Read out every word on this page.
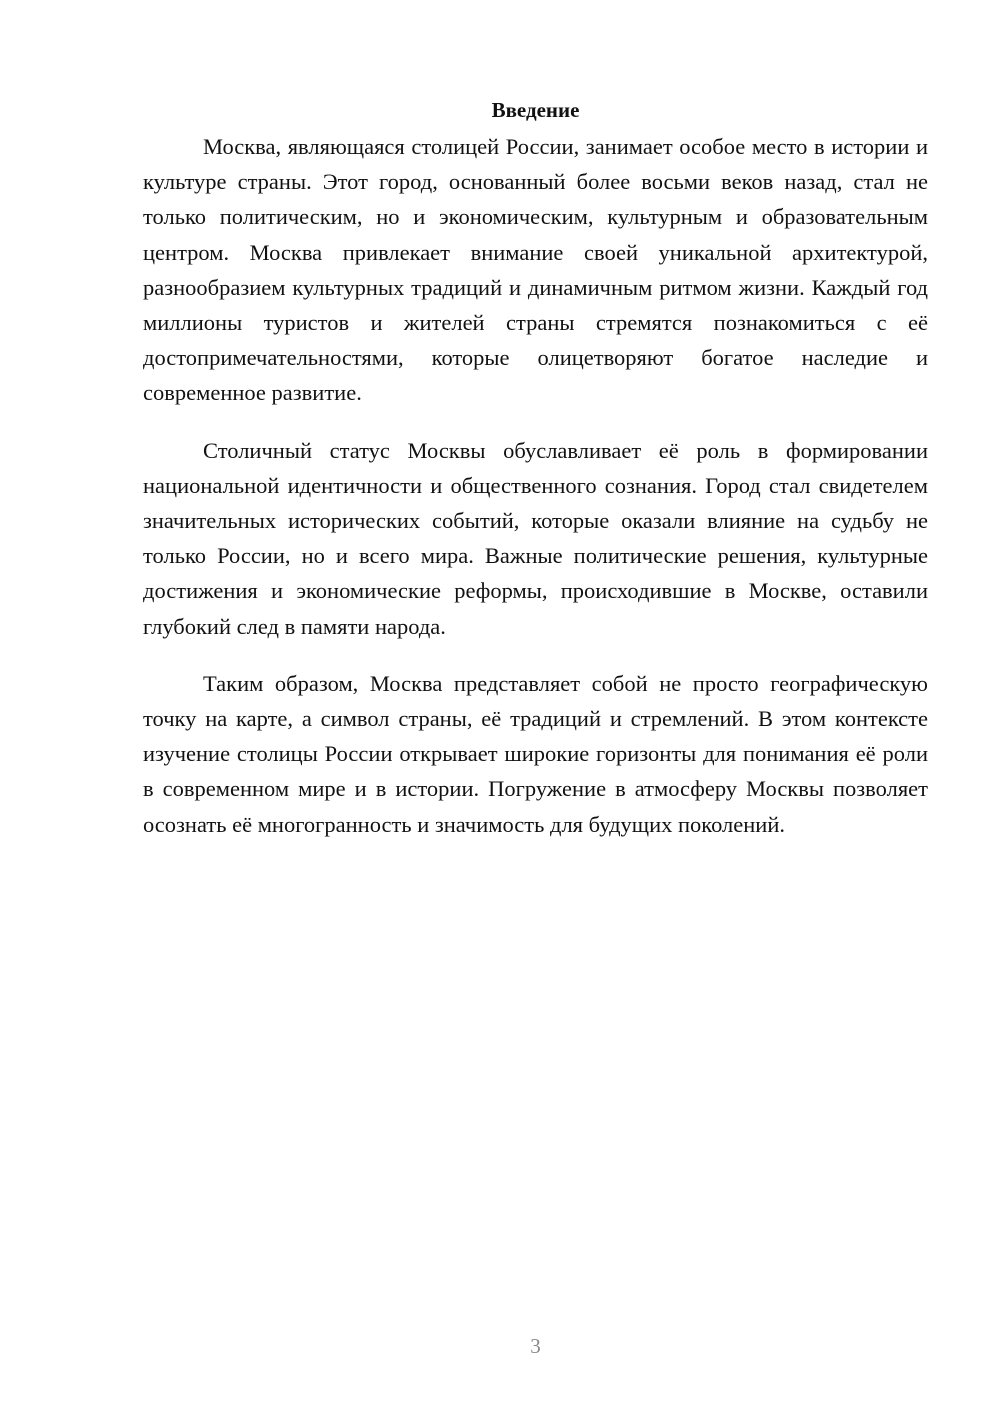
Введение

Москва, являющаяся столицей России, занимает особое место в истории и культуре страны. Этот город, основанный более восьми веков назад, стал не только политическим, но и экономическим, культурным и образовательным центром. Москва привлекает внимание своей уникальной архитектурой, разнообразием культурных традиций и динамичным ритмом жизни. Каждый год миллионы туристов и жителей страны стремятся познакомиться с её достопримечательностями, которые олицетворяют богатое наследие и современное развитие.

Столичный статус Москвы обуславливает её роль в формировании национальной идентичности и общественного сознания. Город стал свидетелем значительных исторических событий, которые оказали влияние на судьбу не только России, но и всего мира. Важные политические решения, культурные достижения и экономические реформы, происходившие в Москве, оставили глубокий след в памяти народа.

Таким образом, Москва представляет собой не просто географическую точку на карте, а символ страны, её традиций и стремлений. В этом контексте изучение столицы России открывает широкие горизонты для понимания её роли в современном мире и в истории. Погружение в атмосферу Москвы позволяет осознать её многогранность и значимость для будущих поколений.

3
